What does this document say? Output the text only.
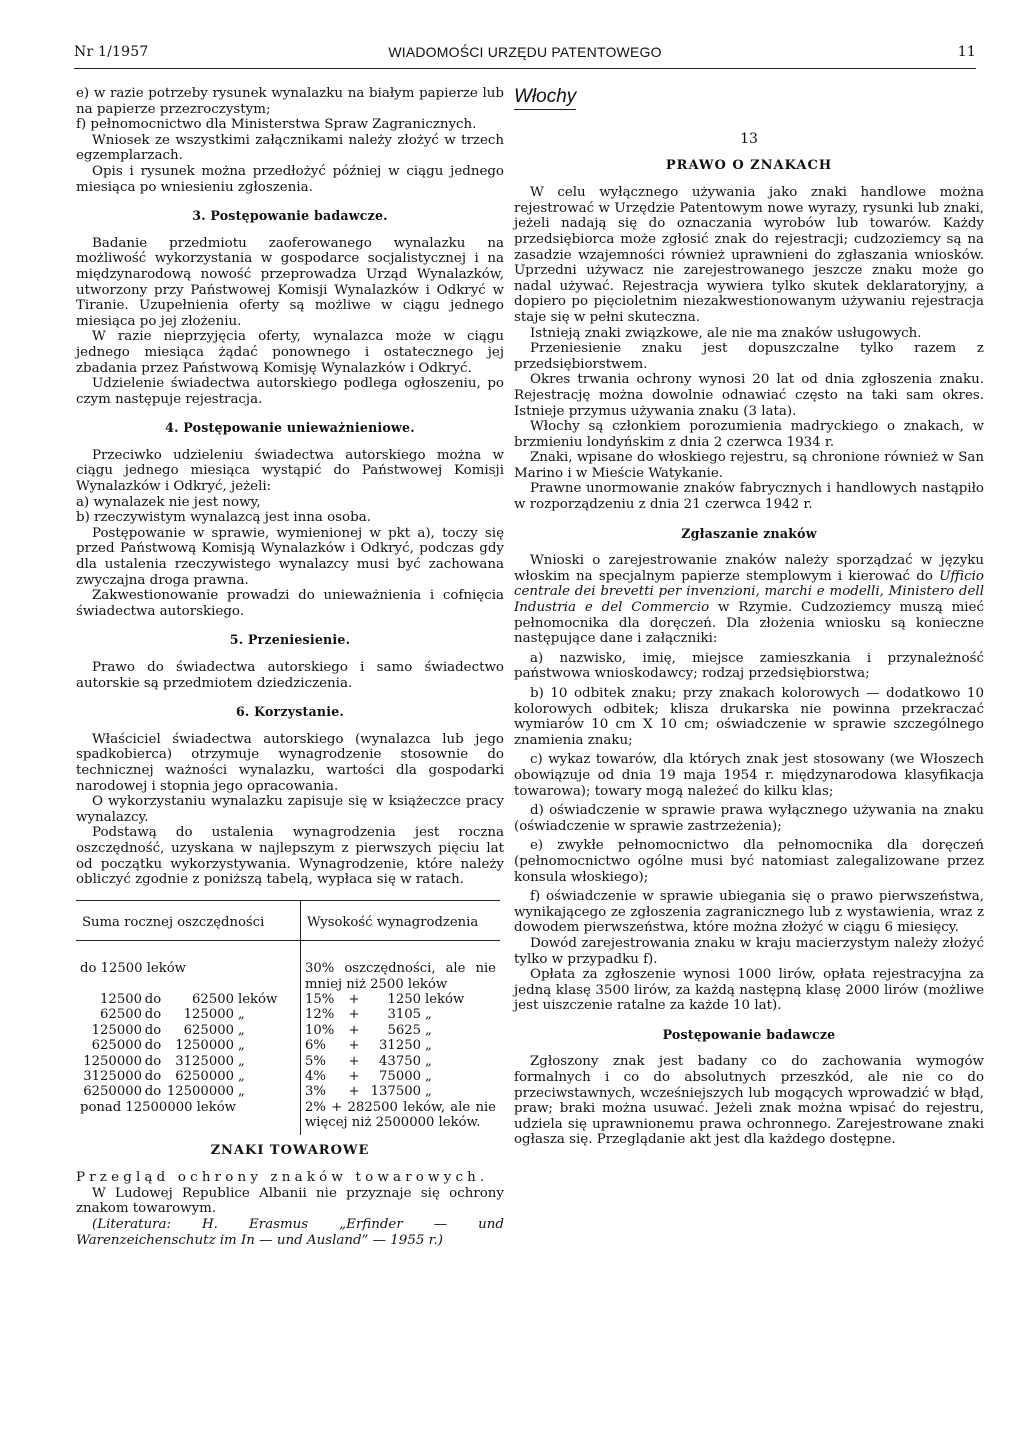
Nr 1/1957	WIADOMOŚCI URZĘDU PATENTOWEGO	11

e) w razie potrzeby rysunek wynalazku na białym papierze lub na papierze przezroczystym;

f) pełnomocnictwo dla Ministerstwa Spraw Zagranicznych.

Wniosek ze wszystkimi załącznikami należy złożyć w trzech egzemplarzach.

Opis i rysunek można przedłożyć później w ciągu jednego miesiąca po wniesieniu zgłoszenia.

3. Postępowanie badawcze.

Badanie przedmiotu zaoferowanego wynalazku na możliwość wykorzystania w gospodarce socjalistycznej i na międzynarodową nowość przeprowadza Urząd Wynalazków, utworzony przy Państwowej Komisji Wynalazków i Odkryć w Tiranie. Uzupełnienia oferty są możliwe w ciągu jednego miesiąca po jej złożeniu.

W razie nieprzyjęcia oferty, wynalazca może w ciągu jednego miesiąca żądać ponownego i ostatecznego jej zbadania przez Państwową Komisję Wynalazków i Odkryć.

Udzielenie świadectwa autorskiego podlega ogłoszeniu, po czym następuje rejestracja.

4. Postępowanie unieważnieniowe.

Przeciwko udzieleniu świadectwa autorskiego można w ciągu jednego miesiąca wystąpić do Państwowej Komisji Wynalazków i Odkryć, jeżeli:

a) wynalazek nie jest nowy,

b) rzeczywistym wynalazcą jest inna osoba.

Postępowanie w sprawie, wymienionej w pkt a), toczy się przed Państwową Komisją Wynalazków i Odkryć, podczas gdy dla ustalenia rzeczywistego wynalazcy musi być zachowana zwyczajna droga prawna.

Zakwestionowanie prowadzi do unieważnienia i cofnięcia świadectwa autorskiego.

5. Przeniesienie.

Prawo do świadectwa autorskiego i samo świadectwo autorskie są przedmiotem dziedziczenia.

6. Korzystanie.

Właściciel świadectwa autorskiego (wynalazca lub jego spadkobierca) otrzymuje wynagrodzenie stosownie do technicznej ważności wynalazku, wartości dla gospodarki narodowej i stopnia jego opracowania.

O wykorzystaniu wynalazku zapisuje się w książeczce pracy wynalazcy.

Podstawą do ustalenia wynagrodzenia jest roczna oszczędność, uzyskana w najlepszym z pierwszych pięciu lat od początku wykorzystywania. Wynagrodzenie, które należy obliczyć zgodnie z poniższą tabelą, wypłaca się w ratach.

Suma rocznej oszczędności	Wysokość wynagrodzenia
do 12500 leków	30% oszczędności, ale nie mniej niż 2500 leków
12500 do 62500 leków	15% + 1250 leków
62500 do 125000 „	12% + 3105 „
125000 do 625000 „	10% + 5625 „
625000 do 1250000 „	6% + 31250 „
1250000 do 3125000 „	5% + 43750 „
3125000 do 6250000 „	4% + 75000 „
6250000 do 12500000 „	3% + 137500 „
ponad 12500000 leków	2% + 282500 leków, ale nie więcej niż 2500000 leków.

ZNAKI TOWAROWE

Przegląd ochrony znaków towarowych.

W Ludowej Republice Albanii nie przyznaje się ochrony znakom towarowym.

(Literatura: H. Erasmus „Erfinder — und Warenzeichenschutz im In — und Ausland” — 1955 r.)

Włochy

13

PRAWO O ZNAKACH

W celu wyłącznego używania jako znaki handlowe można rejestrować w Urzędzie Patentowym nowe wyrazy, rysunki lub znaki, jeżeli nadają się do oznaczania wyrobów lub towarów. Każdy przedsiębiorca może zgłosić znak do rejestracji; cudzoziemcy są na zasadzie wzajemności również uprawnieni do zgłaszania wniosków. Uprzedni używacz nie zarejestrowanego jeszcze znaku może go nadal używać. Rejestracja wywiera tylko skutek deklaratoryjny, a dopiero po pięcioletnim niezakwestionowanym używaniu rejestracja staje się w pełni skuteczna.

Istnieją znaki związkowe, ale nie ma znaków usługowych.

Przeniesienie znaku jest dopuszczalne tylko razem z przedsiębiorstwem.

Okres trwania ochrony wynosi 20 lat od dnia zgłoszenia znaku. Rejestrację można dowolnie odnawiać często na taki sam okres. Istnieje przymus używania znaku (3 lata).

Włochy są członkiem porozumienia madryckiego o znakach, w brzmieniu londyńskim z dnia 2 czerwca 1934 r.

Znaki, wpisane do włoskiego rejestru, są chronione również w San Marino i w Mieście Watykanie.

Prawne unormowanie znaków fabrycznych i handlowych nastąpiło w rozporządzeniu z dnia 21 czerwca 1942 r.

Zgłaszanie znaków

Wnioski o zarejestrowanie znaków należy sporządzać w języku włoskim na specjalnym papierze stemplowym i kierować do Ufficio centrale dei brevetti per invenzioni, marchi e modelli, Ministero dell Industria e del Commercio w Rzymie. Cudzoziemcy muszą mieć pełnomocnika dla doręczeń. Dla złożenia wniosku są konieczne następujące dane i załączniki:

a) nazwisko, imię, miejsce zamieszkania i przynależność państwowa wnioskodawcy; rodzaj przedsiębiorstwa;

b) 10 odbitek znaku; przy znakach kolorowych — dodatkowo 10 kolorowych odbitek; klisza drukarska nie powinna przekraczać wymiarów 10 cm X 10 cm; oświadczenie w sprawie szczególnego znamienia znaku;

c) wykaz towarów, dla których znak jest stosowany (we Włoszech obowiązuje od dnia 19 maja 1954 r. międzynarodowa klasyfikacja towarowa); towary mogą należeć do kilku klas;

d) oświadczenie w sprawie prawa wyłącznego używania na znaku (oświadczenie w sprawie zastrzeżenia);

e) zwykłe pełnomocnictwo dla pełnomocnika dla doręczeń (pełnomocnictwo ogólne musi być natomiast zalegalizowane przez konsula włoskiego);

f) oświadczenie w sprawie ubiegania się o prawo pierwszeństwa, wynikającego ze zgłoszenia zagranicznego lub z wystawienia, wraz z dowodem pierwszeństwa, które można złożyć w ciągu 6 miesięcy.

Dowód zarejestrowania znaku w kraju macierzystym należy złożyć tylko w przypadku f).

Opłata za zgłoszenie wynosi 1000 lirów, opłata rejestracyjna za jedną klasę 3500 lirów, za każdą następną klasę 2000 lirów (możliwe jest uiszczenie ratalne za każde 10 lat).

Postępowanie badawcze

Zgłoszony znak jest badany co do zachowania wymogów formalnych i co do absolutnych przeszkód, ale nie co do przeciwstawnych, wcześniejszych lub mogących wprowadzić w błąd, praw; braki można usuwać. Jeżeli znak można wpisać do rejestru, udziela się uprawnionemu prawa ochronnego. Zarejestrowane znaki ogłasza się. Przeglądanie akt jest dla każdego dostępne.
